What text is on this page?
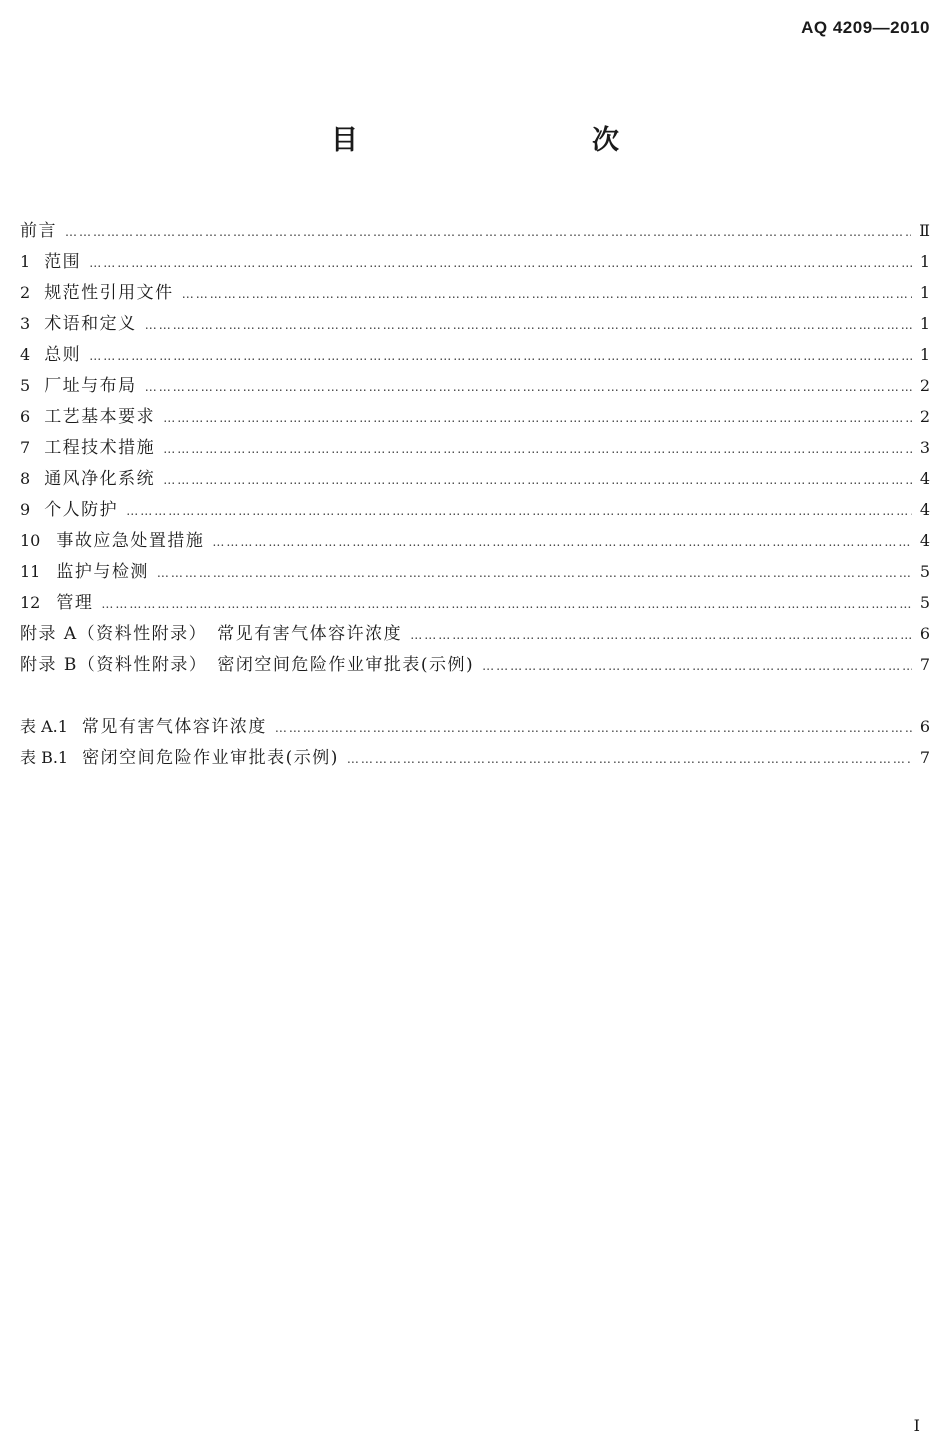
AQ 4209—2010
目　　次
前言 …………………………………………………………………………………………………………………………………………………………………………………………………………	Ⅱ
1 范围 …………………………………………………………………………………………………………………………………………………………………………………………………………	1
2 规范性引用文件 …………………………………………………………………………………………………………………………………………………………………………………………………………	1
3 术语和定义 …………………………………………………………………………………………………………………………………………………………………………………………………………	1
4 总则 …………………………………………………………………………………………………………………………………………………………………………………………………………	1
5 厂址与布局 …………………………………………………………………………………………………………………………………………………………………………………………………………	2
6 工艺基本要求 …………………………………………………………………………………………………………………………………………………………………………………………………………	2
7 工程技术措施 …………………………………………………………………………………………………………………………………………………………………………………………………………	3
8 通风净化系统 …………………………………………………………………………………………………………………………………………………………………………………………………………	4
9 个人防护 …………………………………………………………………………………………………………………………………………………………………………………………………………	4
10 事故应急处置措施 …………………………………………………………………………………………………………………………………………………………………………………………………………	4
11 监护与检测 …………………………………………………………………………………………………………………………………………………………………………………………………………	5
12 管理 …………………………………………………………………………………………………………………………………………………………………………………………………………	5
附录 A（资料性附录）　常见有害气体容许浓度 …………………………………………………………………………………………………………………………………………………………………………………………………………	6
附录 B（资料性附录）　密闭空间危险作业审批表(示例) …………………………………………………………………………………………………………………………………………………………………………………………………………	7
表 A.1 常见有害气体容许浓度 …………………………………………………………………………………………………………………………………………………………………………………………………………	6
表 B.1 密闭空间危险作业审批表(示例) …………………………………………………………………………………………………………………………………………………………………………………………………………	7
Ⅰ
